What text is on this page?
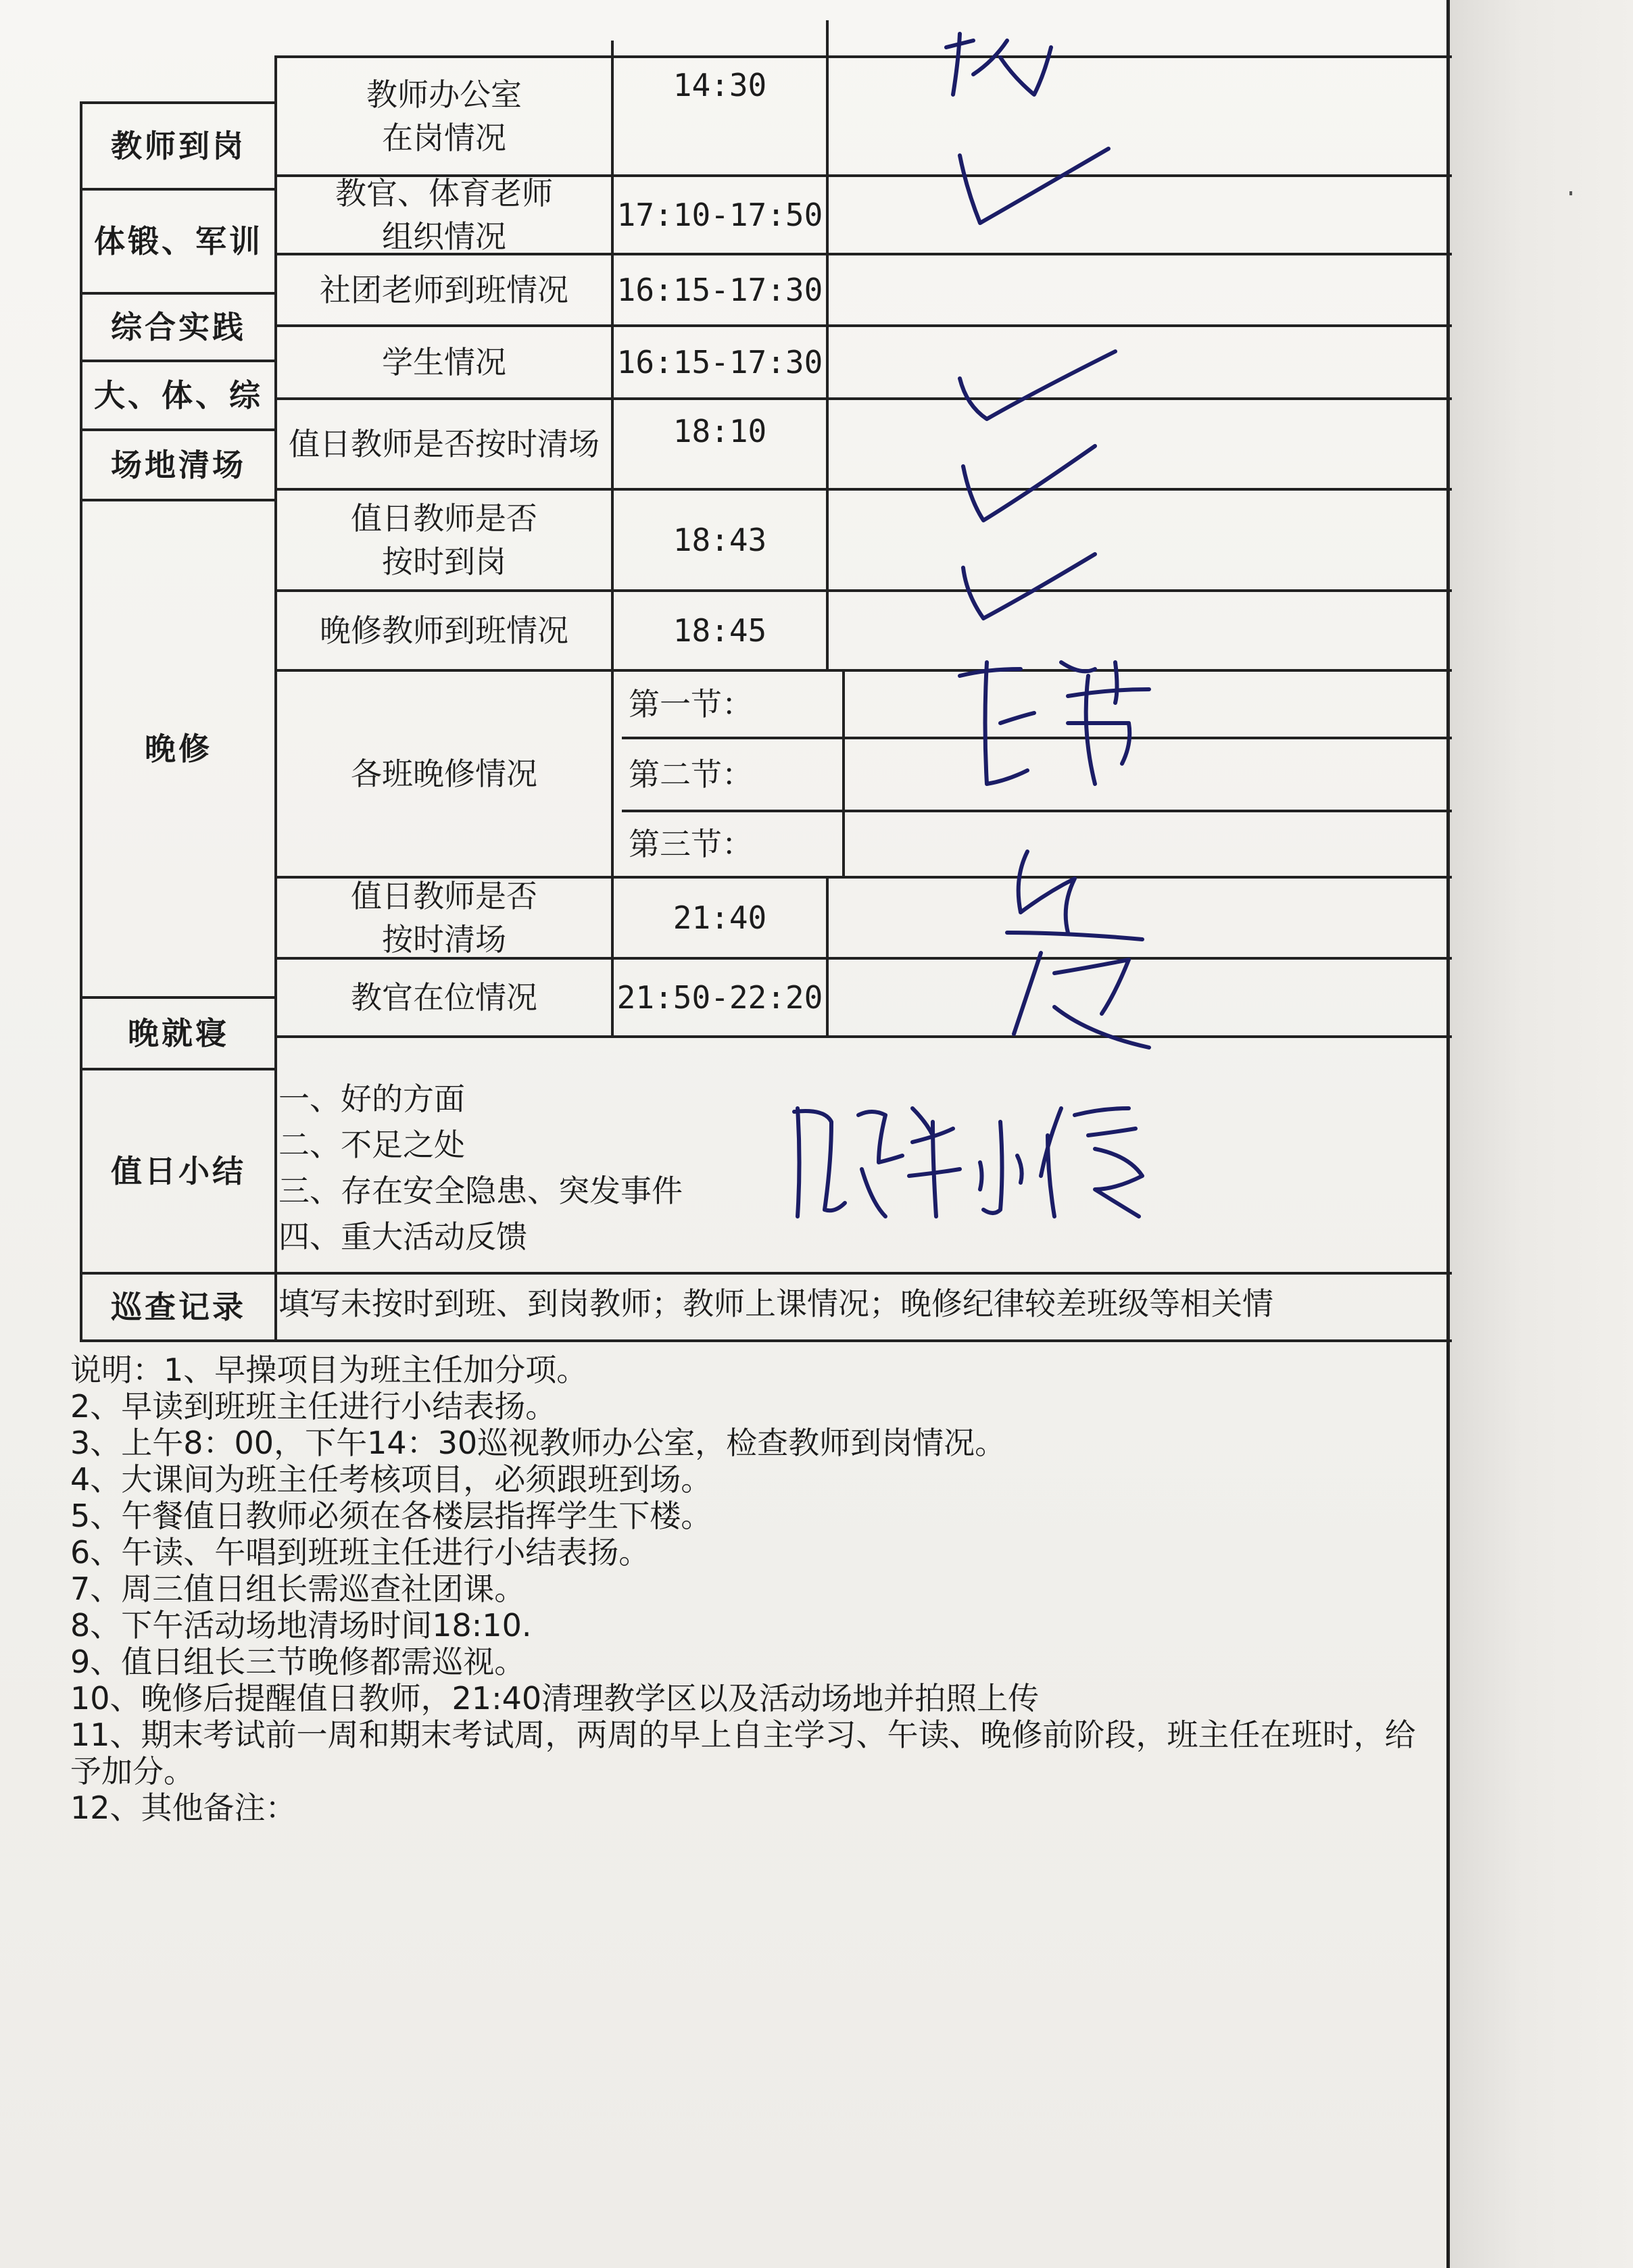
教师到岗
体锻、军训
综合实践
大、体、综
场地清场
晚修
晚就寝
值日小结
巡查记录
教师办公室
在岗情况
教官、体育老师
组织情况
社团老师到班情况
学生情况
值日教师是否按时清场
值日教师是否
按时到岗
晚修教师到班情况
各班晚修情况
值日教师是否
按时清场
教官在位情况
14:30
17:10-17:50
16:15-17:30
16:15-17:30
18:10
18:43
18:45
第一节：
第二节：
第三节：
21:40
21:50-22:20
一、好的方面
二、不足之处
三、存在安全隐患、突发事件
四、重大活动反馈
填写未按时到班、到岗教师；教师上课情况；晚修纪律较差班级等相关情
说明：1、早操项目为班主任加分项。
2、早读到班班主任进行小结表扬。
3、上午8：00，下午14：30巡视教师办公室，检查教师到岗情况。
4、大课间为班主任考核项目，必须跟班到场。
5、午餐值日教师必须在各楼层指挥学生下楼。
6、午读、午唱到班班主任进行小结表扬。
7、周三值日组长需巡查社团课。
8、下午活动场地清场时间18:10.
9、值日组长三节晚修都需巡视。
10、晚修后提醒值日教师，21:40清理教学区以及活动场地并拍照上传
11、期末考试前一周和期末考试周，两周的早上自主学习、午读、晚修前阶段，班主任在班时，给予加分。
12、其他备注：
